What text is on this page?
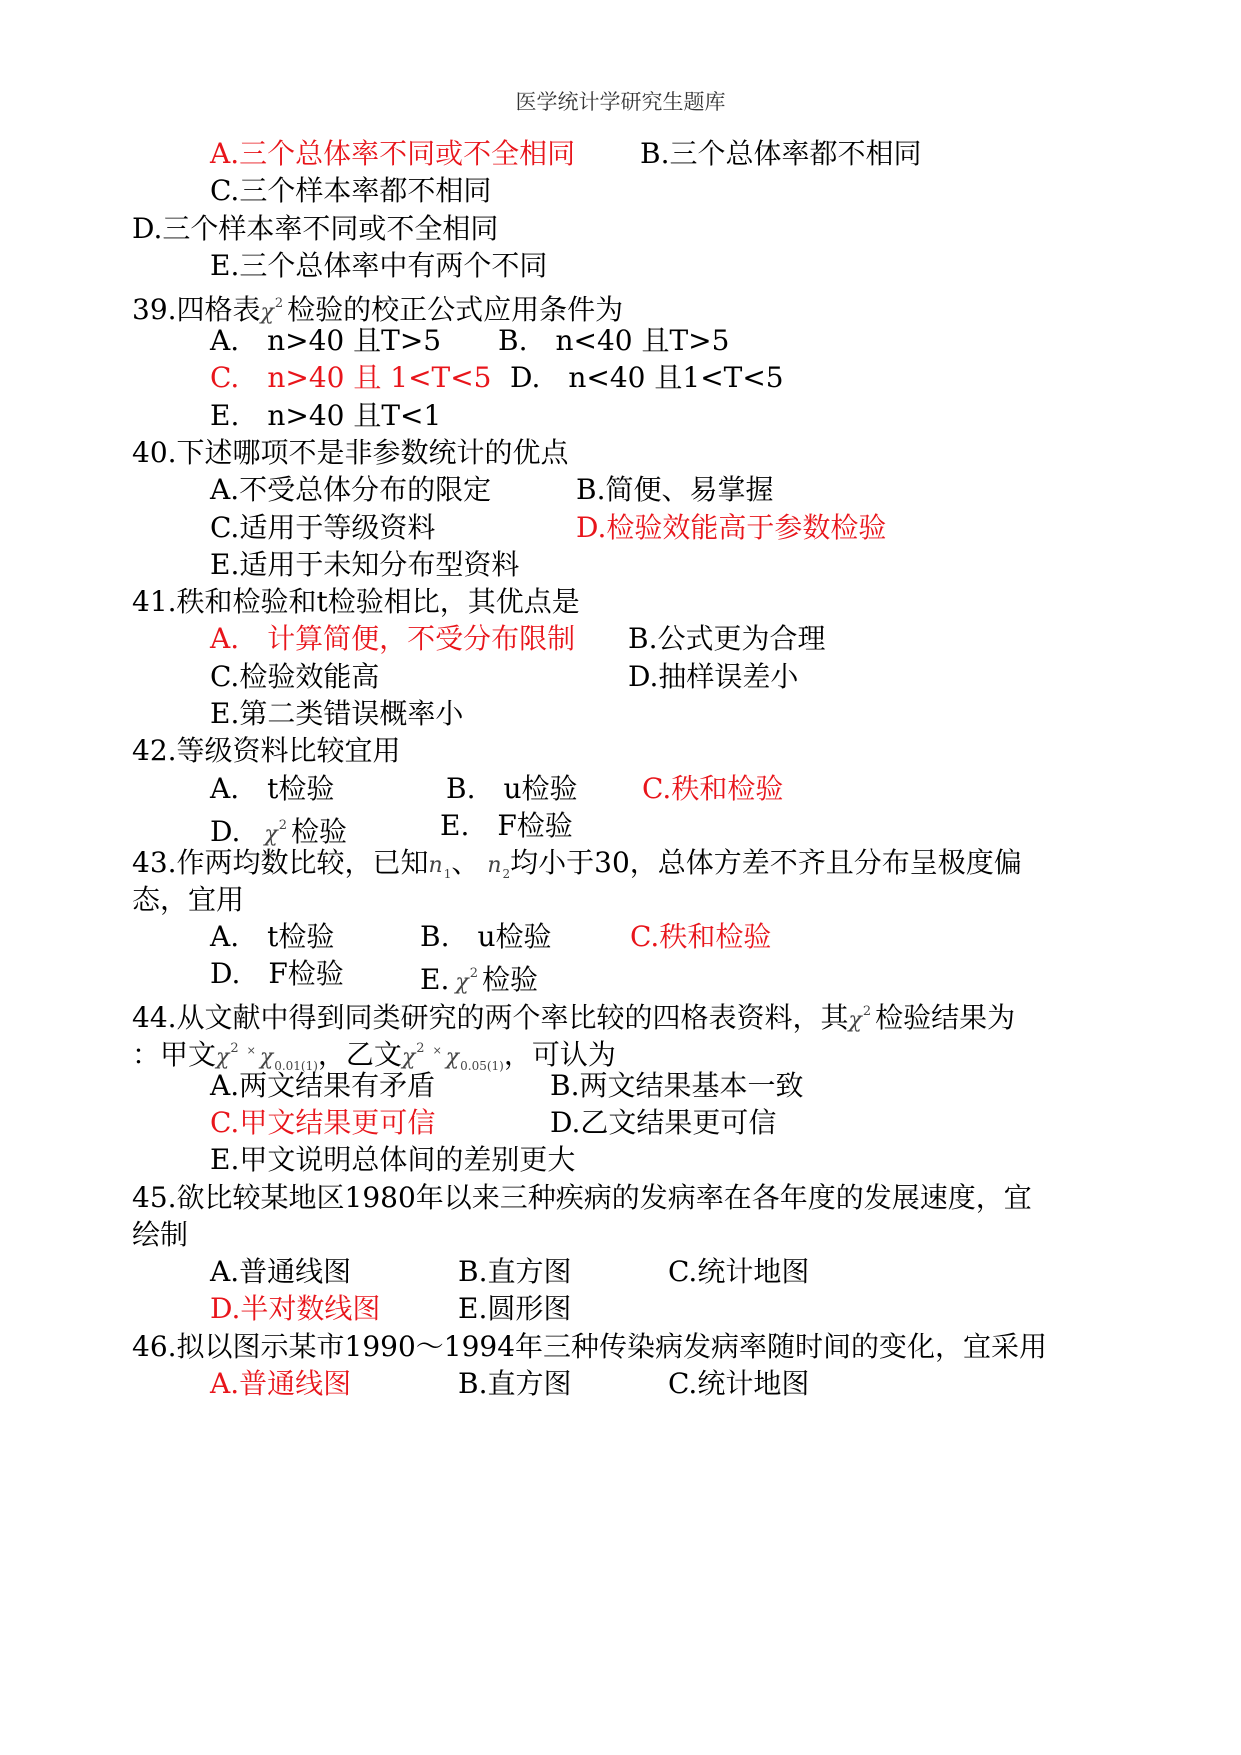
医学统计学研究生题库
A.三个总体率不同或不全相同 B.三个总体率都不相同
C.三个样本率都不相同
D.三个样本率不同或不全相同
E.三个总体率中有两个不同
39.四格表$\chi^2$ 检验的校正公式应用条件为
A.　n>40 且T>5 B.　n<40 且T>5
C.　n>40 且 1<T<5 D.　n<40 且1<T<5
E.　n>40 且T<1
40.下述哪项不是非参数统计的优点
A.不受总体分布的限定	B.简便、易掌握
C.适用于等级资料	D.检验效能高于参数检验
E.适用于未知分布型资料
41.秩和检验和t检验相比，其优点是
A.　计算简便，不受分布限制 B.公式更为合理
C.检验效能高	D.抽样误差小
E.第二类错误概率小
42.等级资料比较宜用
A.　t检验	B.　u检验 C.秩和检验
D. $\chi^2$ 检验	E.　F检验
43.作两均数比较，已知$n_1$、 $n_2$均小于30，总体方差不齐且分布呈极度偏
态，宜用
A.　t检验	B.　u检验	C.秩和检验
D.　F检验	E. $\chi^2$ 检验
44.从文献中得到同类研究的两个率比较的四格表资料，其$\chi^2$ 检验结果为
：甲文$\chi^2$ × $\chi_{0.01(1)}$，乙文$\chi^2$ × $\chi_{0.05(1)}$，可认为
A.两文结果有矛盾	B.两文结果基本一致
C.甲文结果更可信	D.乙文结果更可信
E.甲文说明总体间的差别更大
45.欲比较某地区1980年以来三种疾病的发病率在各年度的发展速度，宜
绘制
A.普通线图	B.直方图	C.统计地图
D.半对数线图	E.圆形图
46.拟以图示某市1990～1994年三种传染病发病率随时间的变化，宜采用
A.普通线图	B.直方图	C.统计地图
